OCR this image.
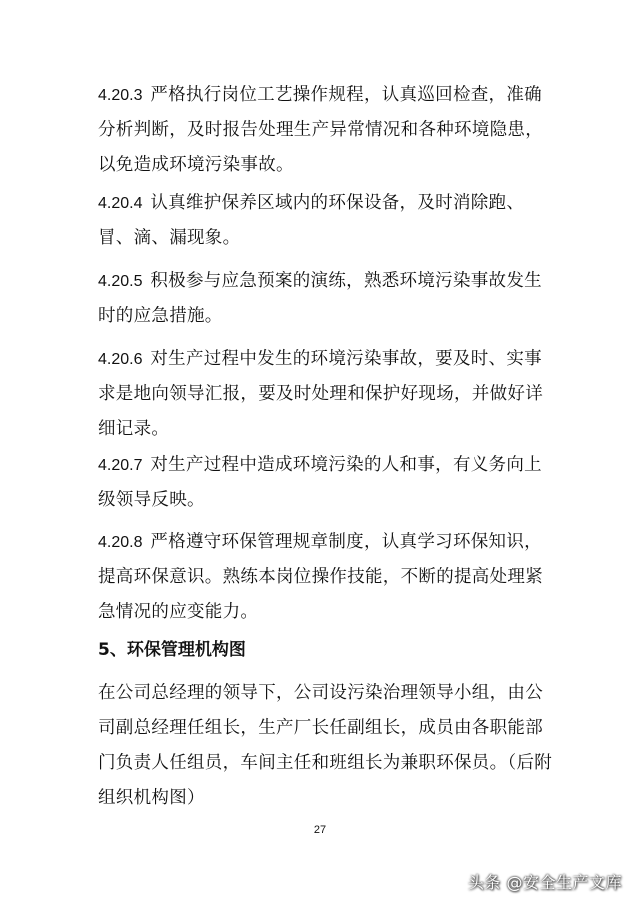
4.20.3 严格执行岗位工艺操作规程，认真巡回检查，准确分析判断，及时报告处理生产异常情况和各种环境隐患，以免造成环境污染事故。

4.20.4 认真维护保养区域内的环保设备，及时消除跑、冒、滴、漏现象。

4.20.5 积极参与应急预案的演练，熟悉环境污染事故发生时的应急措施。

4.20.6 对生产过程中发生的环境污染事故，要及时、实事求是地向领导汇报，要及时处理和保护好现场，并做好详细记录。

4.20.7 对生产过程中造成环境污染的人和事，有义务向上级领导反映。

4.20.8 严格遵守环保管理规章制度，认真学习环保知识，提高环保意识。熟练本岗位操作技能，不断的提高处理紧急情况的应变能力。

5、环保管理机构图

在公司总经理的领导下，公司设污染治理领导小组，由公司副总经理任组长，生产厂长任副组长，成员由各职能部门负责人任组员，车间主任和班组长为兼职环保员。（后附组织机构图）

27
头条 @安全生产文库
